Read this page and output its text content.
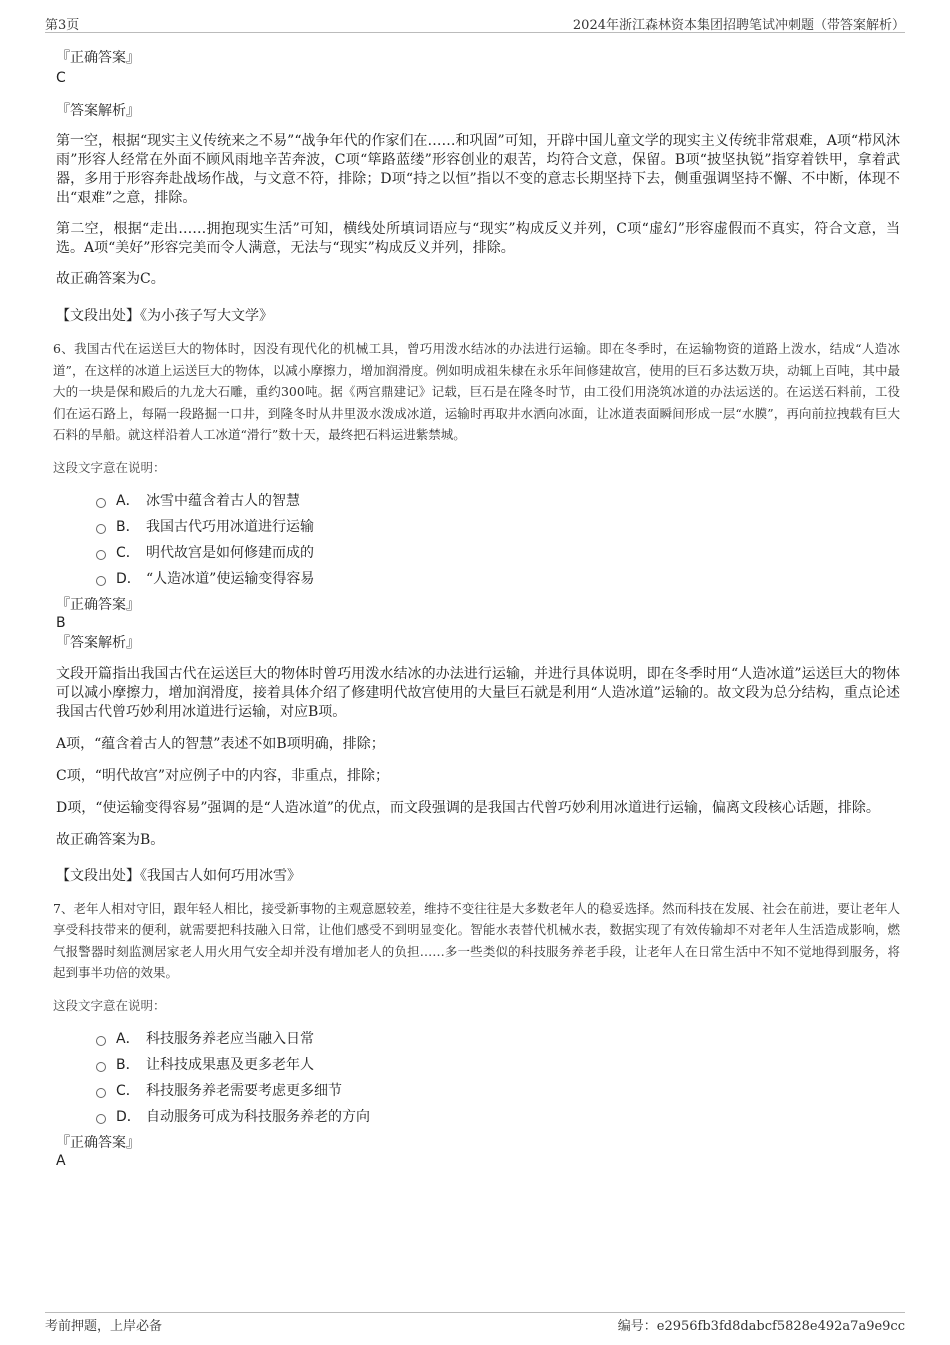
第3页	2024年浙江森林资本集团招聘笔试冲刺题（带答案解析）

『正确答案』

C

『答案解析』

第一空，根据“现实主义传统来之不易”“战争年代的作家们在……和巩固”可知，开辟中国儿童文学的现实主义传统非常艰难，A项“栉风沐雨”形容人经常在外面不顾风雨地辛苦奔波，C项“筚路蓝缕”形容创业的艰苦，均符合文意，保留。B项“披坚执锐”指穿着铁甲，拿着武器，多用于形容奔赴战场作战，与文意不符，排除；D项“持之以恒”指以不变的意志长期坚持下去，侧重强调坚持不懈、不中断，体现不出“艰难”之意，排除。

第二空，根据“走出……拥抱现实生活”可知，横线处所填词语应与“现实”构成反义并列，C项“虚幻”形容虚假而不真实，符合文意，当选。A项“美好”形容完美而令人满意，无法与“现实”构成反义并列，排除。

故正确答案为C。

【文段出处】《为小孩子写大文学》

6、我国古代在运送巨大的物体时，因没有现代化的机械工具，曾巧用泼水结冰的办法进行运输。即在冬季时，在运输物资的道路上泼水，结成“人造冰道”，在这样的冰道上运送巨大的物体，以减小摩擦力，增加润滑度。例如明成祖朱棣在永乐年间修建故宫，使用的巨石多达数万块，动辄上百吨，其中最大的一块是保和殿后的九龙大石雕，重约300吨。据《两宫鼎建记》记载，巨石是在隆冬时节，由工役们用浇筑冰道的办法运送的。在运送石料前，工役们在运石路上，每隔一段路掘一口井，到隆冬时从井里汲水泼成冰道，运输时再取井水洒向冰面，让冰道表面瞬间形成一层“水膜”，再向前拉拽载有巨大石料的旱船。就这样沿着人工冰道“滑行”数十天，最终把石料运进紫禁城。

这段文字意在说明：

A． 冰雪中蕴含着古人的智慧
B． 我国古代巧用冰道进行运输
C． 明代故宫是如何修建而成的
D． “人造冰道”使运输变得容易

『正确答案』

B

『答案解析』

文段开篇指出我国古代在运送巨大的物体时曾巧用泼水结冰的办法进行运输，并进行具体说明，即在冬季时用“人造冰道”运送巨大的物体可以减小摩擦力，增加润滑度，接着具体介绍了修建明代故宫使用的大量巨石就是利用“人造冰道”运输的。故文段为总分结构，重点论述我国古代曾巧妙利用冰道进行运输，对应B项。

A项，“蕴含着古人的智慧”表述不如B项明确，排除；

C项，“明代故宫”对应例子中的内容，非重点，排除；

D项，“使运输变得容易”强调的是“人造冰道”的优点，而文段强调的是我国古代曾巧妙利用冰道进行运输，偏离文段核心话题，排除。

故正确答案为B。

【文段出处】《我国古人如何巧用冰雪》

7、老年人相对守旧，跟年轻人相比，接受新事物的主观意愿较差，维持不变往往是大多数老年人的稳妥选择。然而科技在发展、社会在前进，要让老年人享受科技带来的便利，就需要把科技融入日常，让他们感受不到明显变化。智能水表替代机械水表，数据实现了有效传输却不对老年人生活造成影响，燃气报警器时刻监测居家老人用火用气安全却并没有增加老人的负担……多一些类似的科技服务养老手段，让老年人在日常生活中不知不觉地得到服务，将起到事半功倍的效果。

这段文字意在说明：

A． 科技服务养老应当融入日常
B． 让科技成果惠及更多老年人
C． 科技服务养老需要考虑更多细节
D． 自动服务可成为科技服务养老的方向

『正确答案』

A

考前押题，上岸必备	编号：e2956fb3fd8dabcf5828e492a7a9e9cc
